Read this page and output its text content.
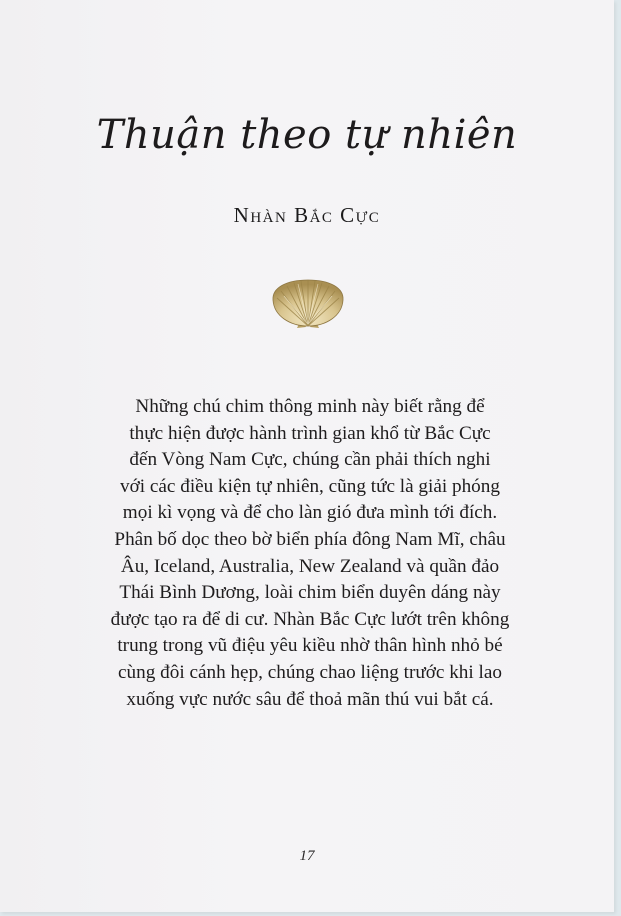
Thuận theo tự nhiên
Nhàn Bắc Cực

Những chú chim thông minh này biết rằng để
thực hiện được hành trình gian khổ từ Bắc Cực
đến Vòng Nam Cực, chúng cần phải thích nghi
với các điều kiện tự nhiên, cũng tức là giải phóng
mọi kì vọng và để cho làn gió đưa mình tới đích.
Phân bố dọc theo bờ biển phía đông Nam Mĩ, châu
Âu, Iceland, Australia, New Zealand và quần đảo
Thái Bình Dương, loài chim biển duyên dáng này
được tạo ra để di cư. Nhàn Bắc Cực lướt trên không
trung trong vũ điệu yêu kiều nhờ thân hình nhỏ bé
cùng đôi cánh hẹp, chúng chao liệng trước khi lao
xuống vực nước sâu để thoả mãn thú vui bắt cá.

17
